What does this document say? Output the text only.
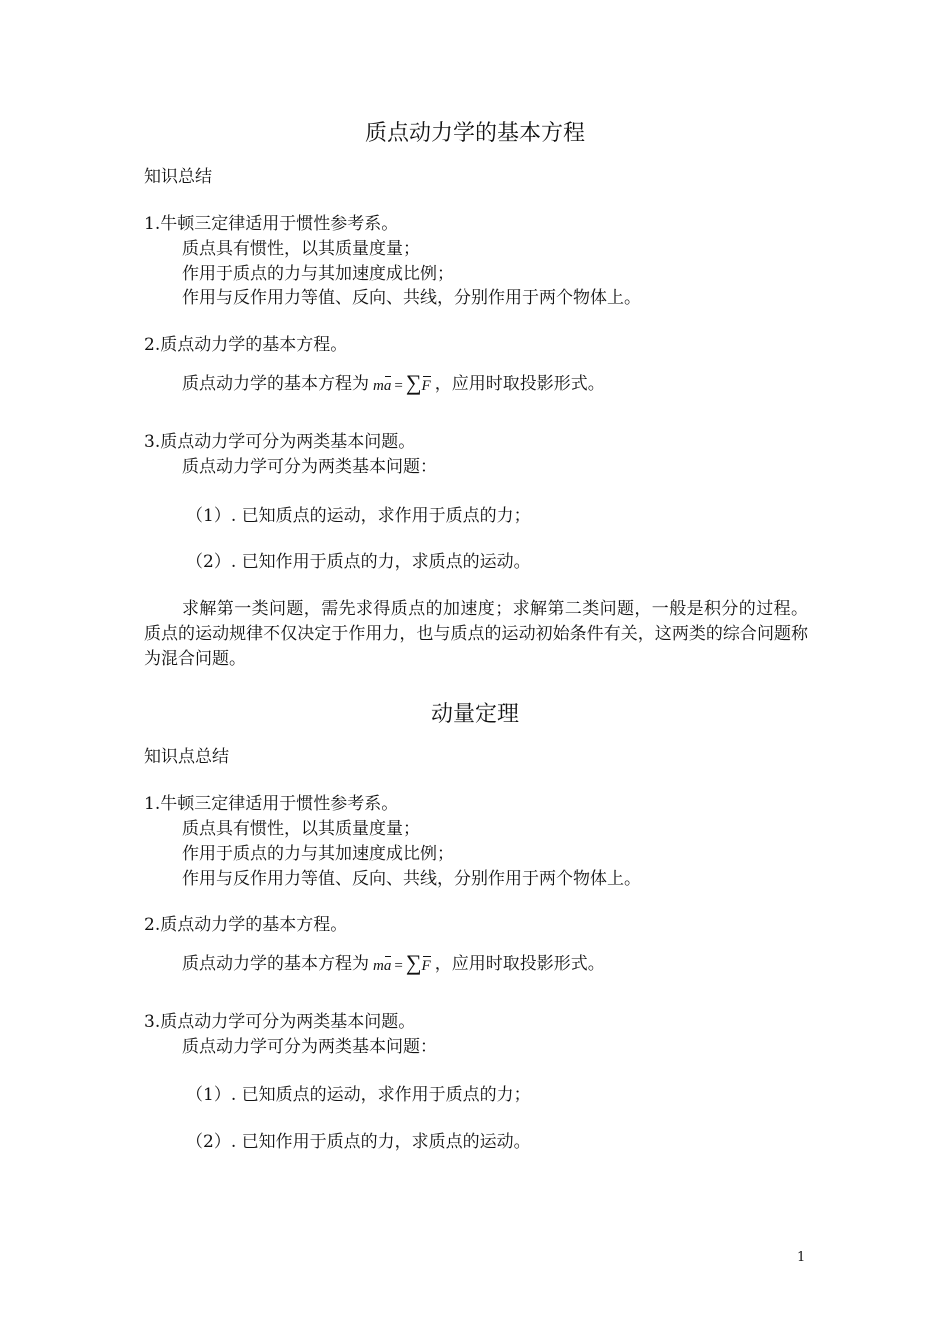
质点动力学的基本方程
知识总结
1.牛顿三定律适用于惯性参考系。
质点具有惯性，以其质量度量；
作用于质点的力与其加速度成比例；
作用与反作用力等值、反向、共线，分别作用于两个物体上。
2.质点动力学的基本方程。
质点动力学的基本方程为 ma  =  ∑F ，应用时取投影形式。
3.质点动力学可分为两类基本问题。
质点动力学可分为两类基本问题：
（1）. 已知质点的运动，求作用于质点的力；
（2）. 已知作用于质点的力，求质点的运动。
求解第一类问题，需先求得质点的加速度；求解第二类问题，一般是积分的过程。质点的运动规律不仅决定于作用力，也与质点的运动初始条件有关，这两类的综合问题称为混合问题。
动量定理
知识点总结
1.牛顿三定律适用于惯性参考系。
质点具有惯性，以其质量度量；
作用于质点的力与其加速度成比例；
作用与反作用力等值、反向、共线，分别作用于两个物体上。
2.质点动力学的基本方程。
质点动力学的基本方程为 ma  =  ∑F ，应用时取投影形式。
3.质点动力学可分为两类基本问题。
质点动力学可分为两类基本问题：
（1）. 已知质点的运动，求作用于质点的力；
（2）. 已知作用于质点的力，求质点的运动。
1
